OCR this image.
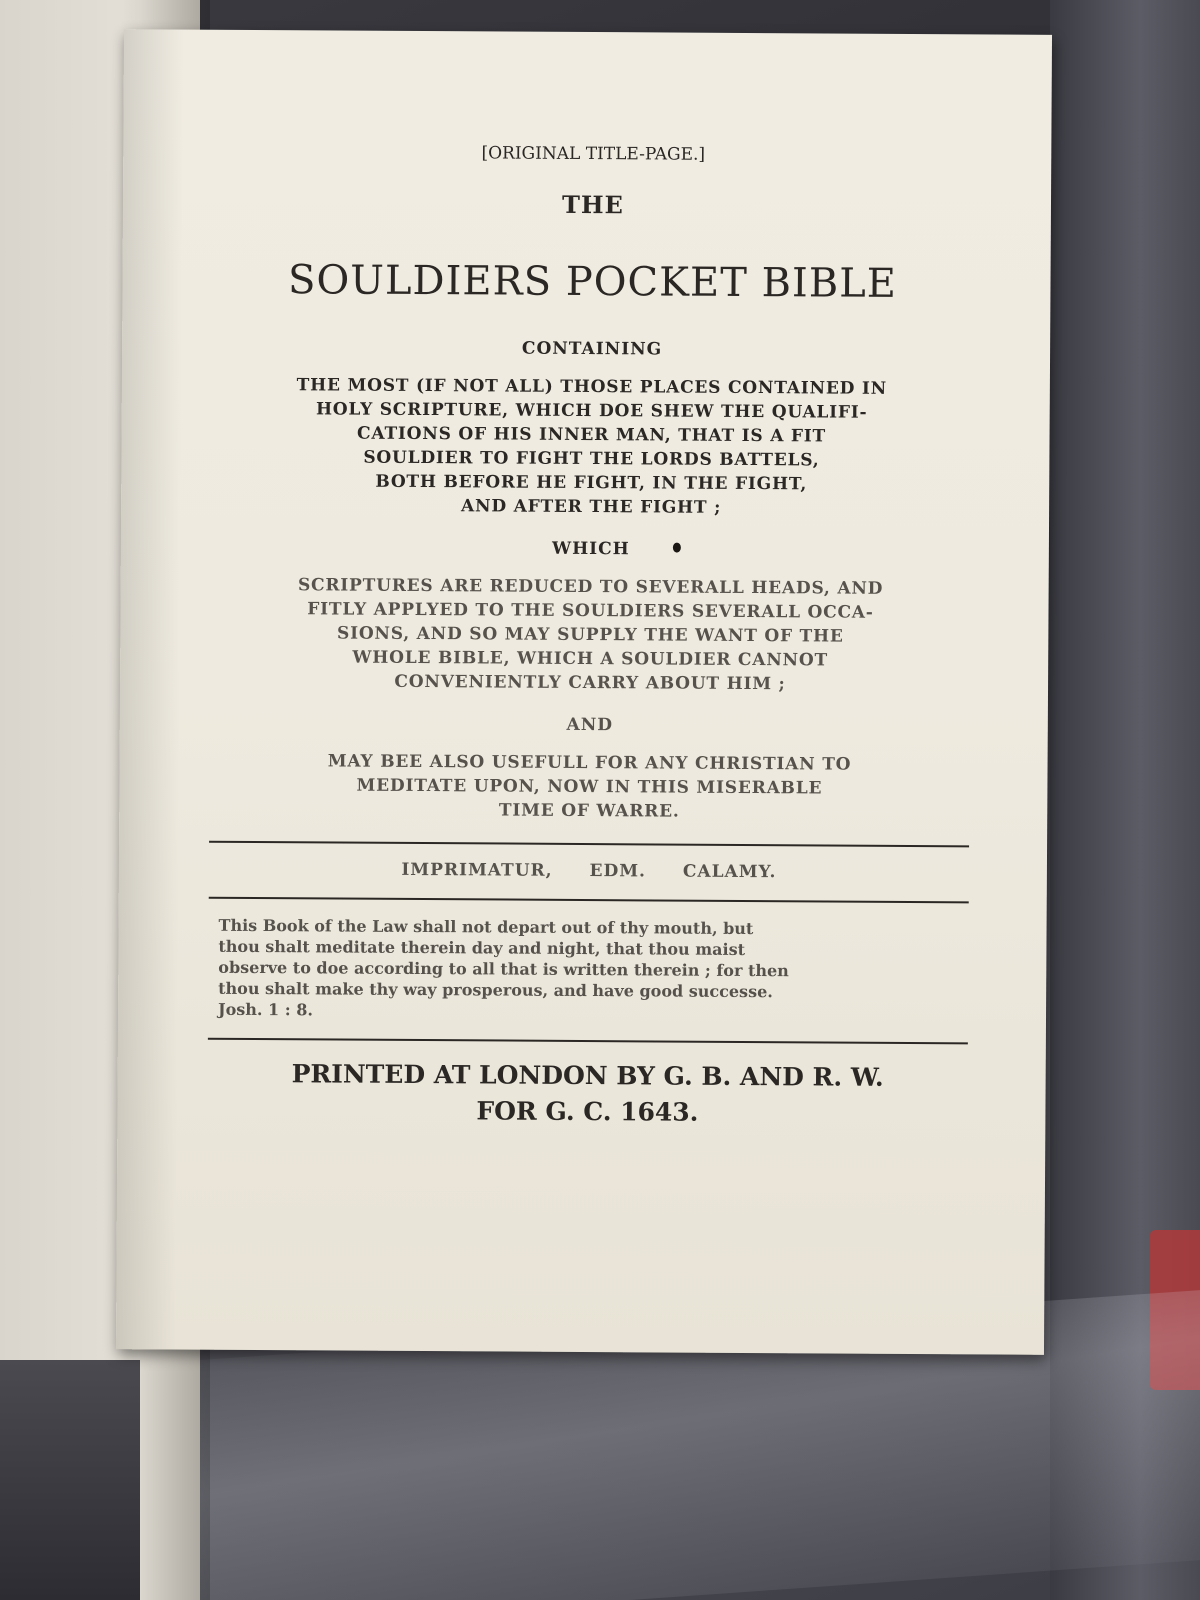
[ORIGINAL TITLE-PAGE.]

THE

SOULDIERS POCKET BIBLE

CONTAINING

THE MOST (IF NOT ALL) THOSE PLACES CONTAINED IN
HOLY SCRIPTURE, WHICH DOE SHEW THE QUALIFI-
CATIONS OF HIS INNER MAN, THAT IS A FIT
SOULDIER TO FIGHT THE LORDS BATTELS,
BOTH BEFORE HE FIGHT, IN THE FIGHT,
AND AFTER THE FIGHT ;

WHICH

SCRIPTURES ARE REDUCED TO SEVERALL HEADS, AND
FITLY APPLYED TO THE SOULDIERS SEVERALL OCCA-
SIONS, AND SO MAY SUPPLY THE WANT OF THE
WHOLE BIBLE, WHICH A SOULDIER CANNOT
CONVENIENTLY CARRY ABOUT HIM ;

AND

MAY BEE ALSO USEFULL FOR ANY CHRISTIAN TO
MEDITATE UPON, NOW IN THIS MISERABLE
TIME OF WARRE.

IMPRIMATUR, EDM. CALAMY.

This Book of the Law shall not depart out of thy mouth, but
thou shalt meditate therein day and night, that thou maist
observe to doe according to all that is written therein ; for then
thou shalt make thy way prosperous, and have good successe.
Josh. 1 : 8.
PRINTED AT LONDON BY G. B. AND R. W.
FOR G. C. 1643.
